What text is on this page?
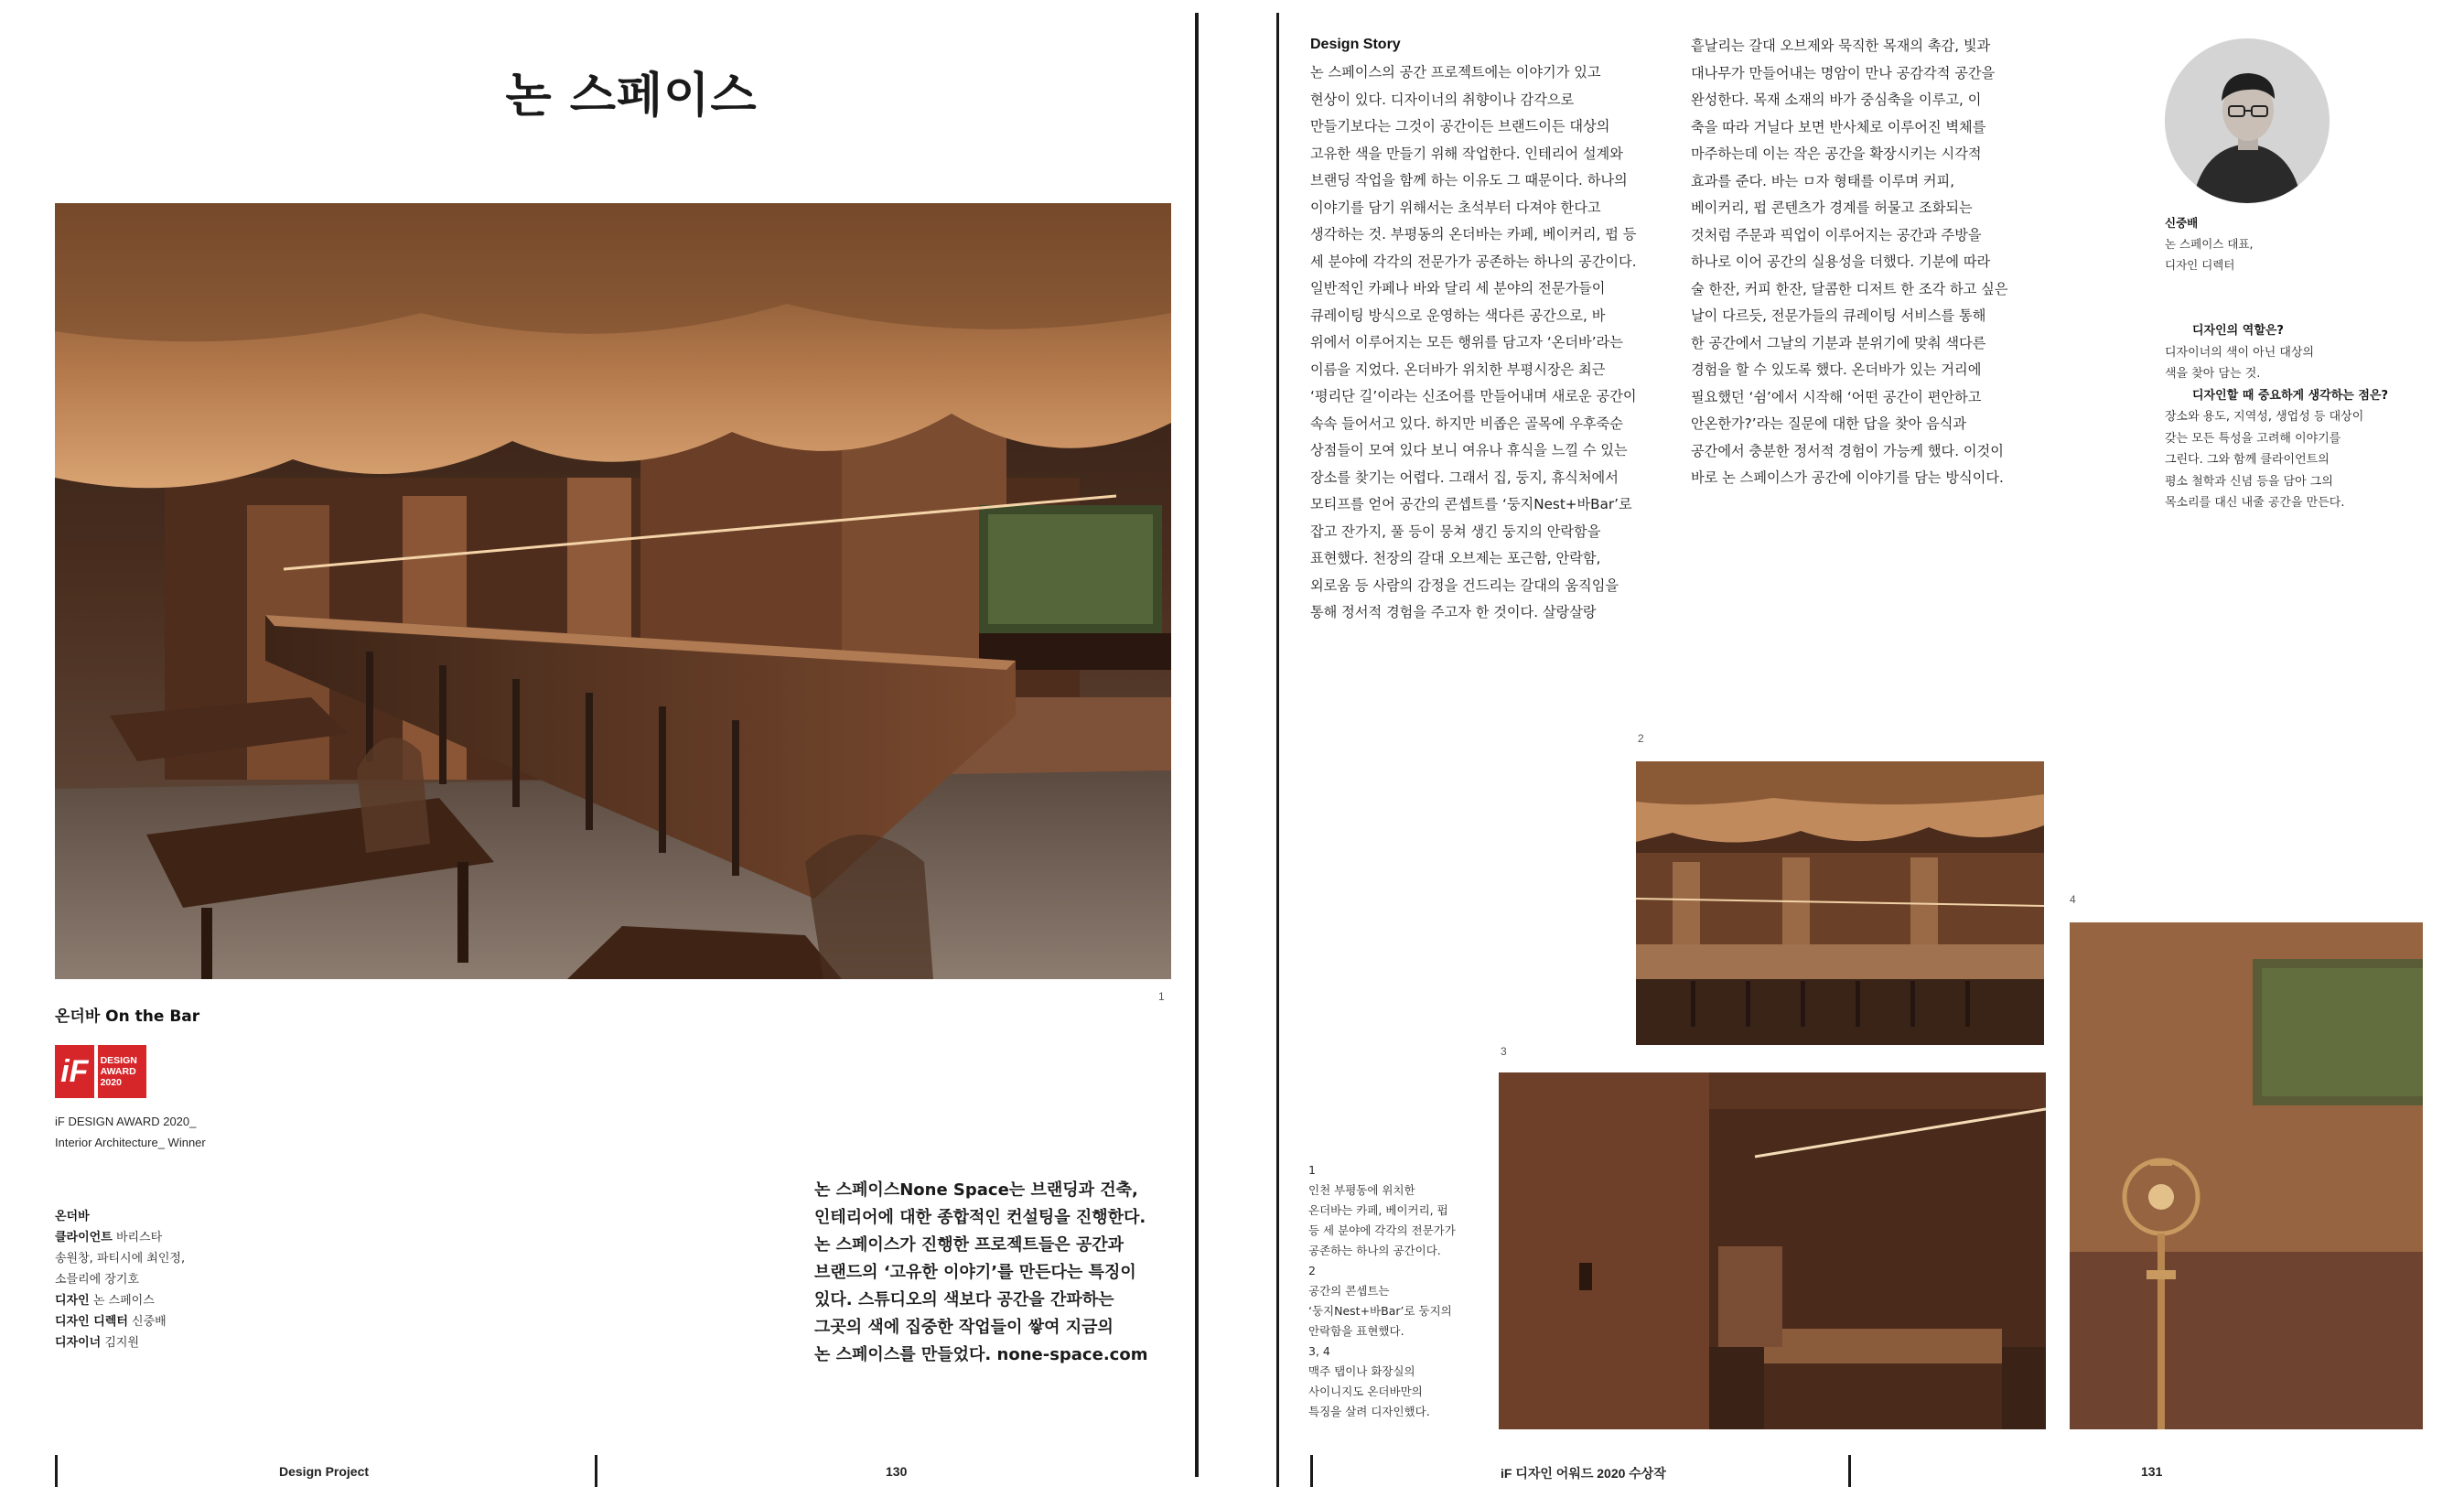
논 스페이스
1
온더바 On the Bar
iF	DESIGN
AWARD
2020
iF DESIGN AWARD 2020_
Interior Architecture_ Winner
온더바
클라이언트 바리스타
송원창, 파티시에 최인정,
소믈리에 장기호
디자인 논 스페이스
디자인 디렉터 신중배
디자이너 김지원
논 스페이스None Space는 브랜딩과 건축,
인테리어에 대한 종합적인 컨설팅을 진행한다.
논 스페이스가 진행한 프로젝트들은 공간과
브랜드의 ‘고유한 이야기’를 만든다는 특징이
있다. 스튜디오의 색보다 공간을 간파하는
그곳의 색에 집중한 작업들이 쌓여 지금의
논 스페이스를 만들었다. none-space.com
Design Project	130
Design Story

논 스페이스의 공간 프로젝트에는 이야기가 있고

현상이 있다. 디자이너의 취향이나 감각으로

만들기보다는 그것이 공간이든 브랜드이든 대상의

고유한 색을 만들기 위해 작업한다. 인테리어 설계와

브랜딩 작업을 함께 하는 이유도 그 때문이다. 하나의

이야기를 담기 위해서는 초석부터 다져야 한다고

생각하는 것. 부평동의 온더바는 카페, 베이커리, 펍 등

세 분야에 각각의 전문가가 공존하는 하나의 공간이다.

일반적인 카페나 바와 달리 세 분야의 전문가들이

큐레이팅 방식으로 운영하는 색다른 공간으로, 바

위에서 이루어지는 모든 행위를 담고자 ‘온더바’라는

이름을 지었다. 온더바가 위치한 부평시장은 최근

‘평리단 길’이라는 신조어를 만들어내며 새로운 공간이

속속 들어서고 있다. 하지만 비좁은 골목에 우후죽순

상점들이 모여 있다 보니 여유나 휴식을 느낄 수 있는

장소를 찾기는 어렵다. 그래서 집, 둥지, 휴식처에서

모티프를 얻어 공간의 콘셉트를 ‘둥지Nest+바Bar’로

잡고 잔가지, 풀 등이 뭉쳐 생긴 둥지의 안락함을

표현했다. 천장의 갈대 오브제는 포근함, 안락함,

외로움 등 사람의 감정을 건드리는 갈대의 움직임을

통해 정서적 경험을 주고자 한 것이다. 살랑살랑

흩날리는 갈대 오브제와 묵직한 목재의 촉감, 빛과

대나무가 만들어내는 명암이 만나 공감각적 공간을

완성한다. 목재 소재의 바가 중심축을 이루고, 이

축을 따라 거닐다 보면 반사체로 이루어진 벽체를

마주하는데 이는 작은 공간을 확장시키는 시각적

효과를 준다. 바는 ㅁ자 형태를 이루며 커피,

베이커리, 펍 콘텐츠가 경계를 허물고 조화되는

것처럼 주문과 픽업이 이루어지는 공간과 주방을

하나로 이어 공간의 실용성을 더했다. 기분에 따라

술 한잔, 커피 한잔, 달콤한 디저트 한 조각 하고 싶은

날이 다르듯, 전문가들의 큐레이팅 서비스를 통해

한 공간에서 그날의 기분과 분위기에 맞춰 색다른

경험을 할 수 있도록 했다. 온더바가 있는 거리에

필요했던 ‘쉼’에서 시작해 ‘어떤 공간이 편안하고

안온한가?’라는 질문에 대한 답을 찾아 음식과

공간에서 충분한 정서적 경험이 가능케 했다. 이것이

바로 논 스페이스가 공간에 이야기를 담는 방식이다.

신중배
논 스페이스 대표,
디자인 디렉터
디자인의 역할은?
디자이너의 색이 아닌 대상의
색을 찾아 담는 것.
디자인할 때 중요하게 생각하는 점은?
장소와 용도, 지역성, 생업성 등 대상이
갖는 모든 특성을 고려해 이야기를
그린다. 그와 함께 클라이언트의
평소 철학과 신념 등을 담아 그의
목소리를 대신 내줄 공간을 만든다.
2
3
4
1
인천 부평동에 위치한
온더바는 카페, 베이커리, 펍
등 세 분야에 각각의 전문가가
공존하는 하나의 공간이다.
2
공간의 콘셉트는
‘둥지Nest+바Bar’로 둥지의
안락함을 표현했다.
3, 4
맥주 탭이나 화장실의
사이니지도 온더바만의
특징을 살려 디자인했다.
iF 디자인 어워드 2020 수상작	131
